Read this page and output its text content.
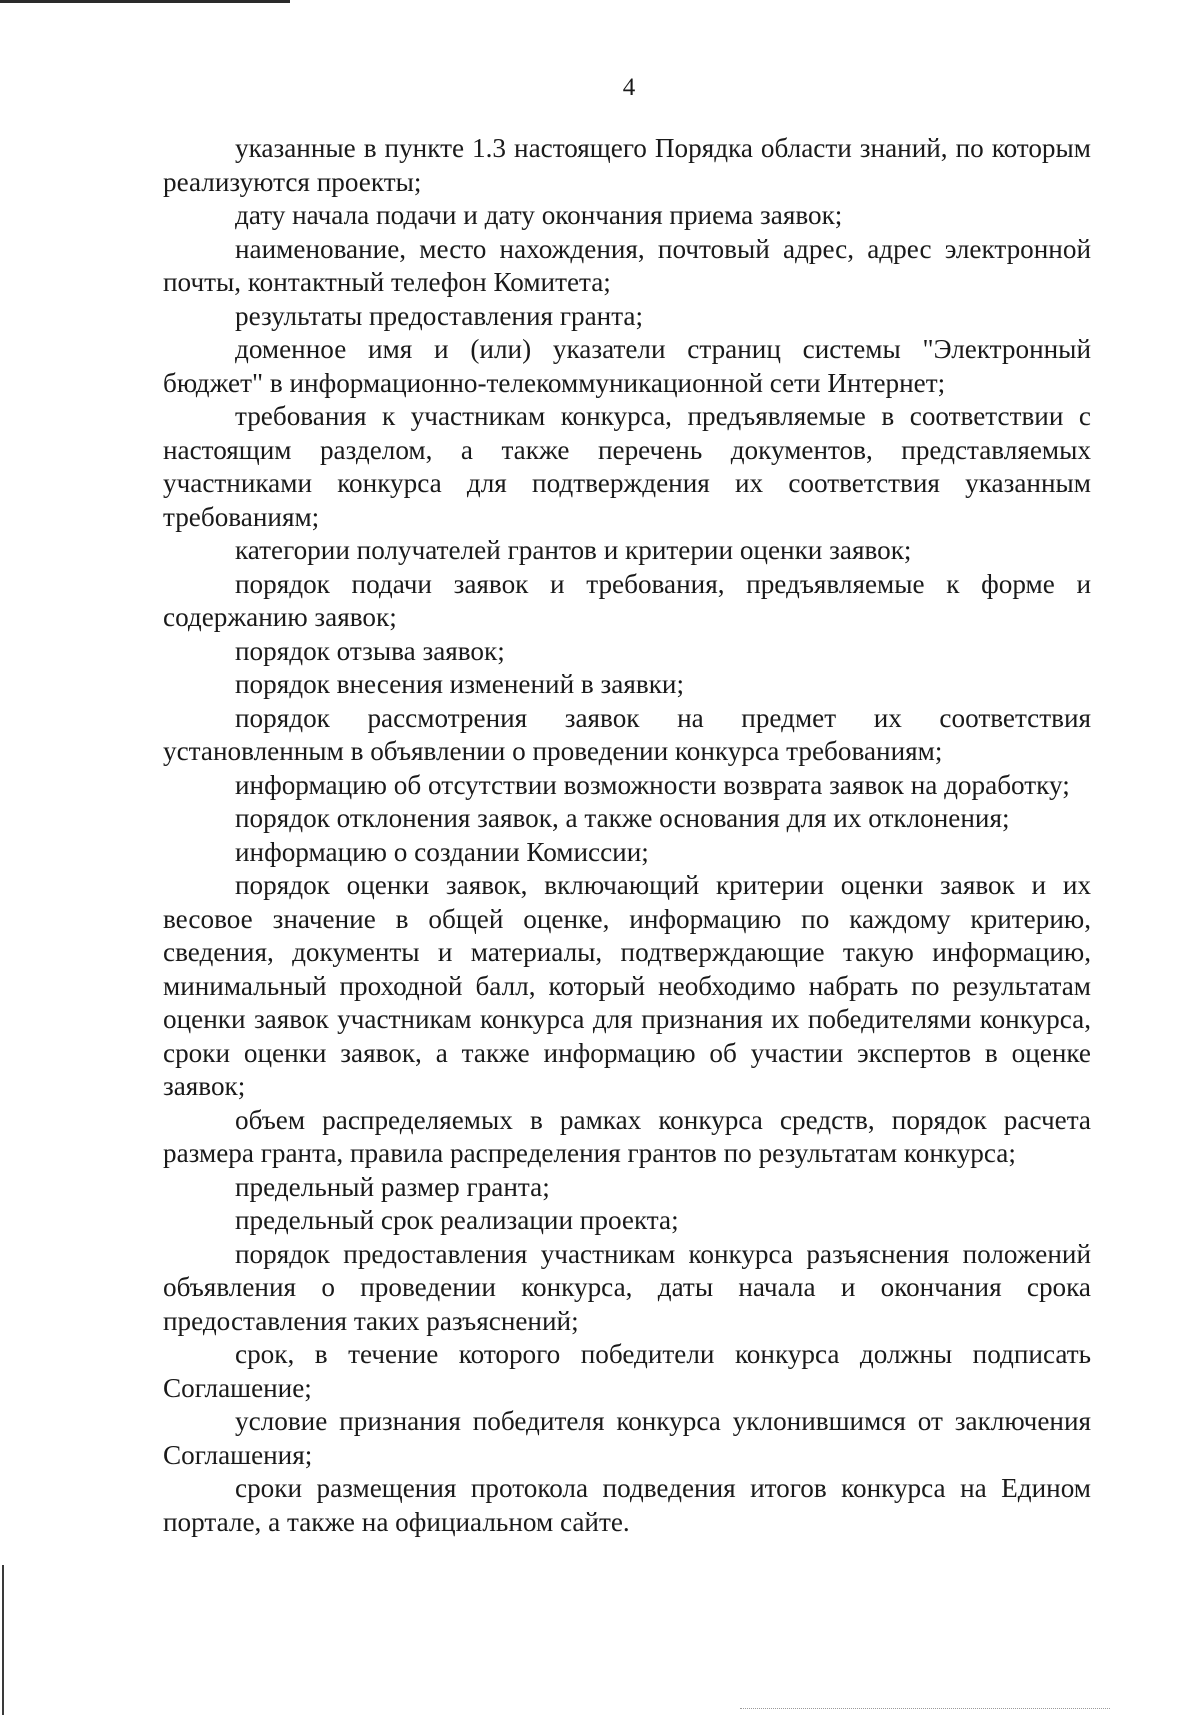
4

указанные в пункте 1.3 настоящего Порядка области знаний, по которым реализуются проекты;

дату начала подачи и дату окончания приема заявок;

наименование, место нахождения, почтовый адрес, адрес электронной почты, контактный телефон Комитета;

результаты предоставления гранта;

доменное имя и (или) указатели страниц системы "Электронный бюджет" в информационно-телекоммуникационной сети Интернет;

требования к участникам конкурса, предъявляемые в соответствии с настоящим разделом, а также перечень документов, представляемых участниками конкурса для подтверждения их соответствия указанным требованиям;

категории получателей грантов и критерии оценки заявок;

порядок подачи заявок и требования, предъявляемые к форме и содержанию заявок;

порядок отзыва заявок;

порядок внесения изменений в заявки;

порядок рассмотрения заявок на предмет их соответствия установленным в объявлении о проведении конкурса требованиям;

информацию об отсутствии возможности возврата заявок на доработку;

порядок отклонения заявок, а также основания для их отклонения;

информацию о создании Комиссии;

порядок оценки заявок, включающий критерии оценки заявок и их весовое значение в общей оценке, информацию по каждому критерию, сведения, документы и материалы, подтверждающие такую информацию, минимальный проходной балл, который необходимо набрать по результатам оценки заявок участникам конкурса для признания их победителями конкурса, сроки оценки заявок, а также информацию об участии экспертов в оценке заявок;

объем распределяемых в рамках конкурса средств, порядок расчета размера гранта, правила распределения грантов по результатам конкурса;

предельный размер гранта;

предельный срок реализации проекта;

порядок предоставления участникам конкурса разъяснения положений объявления о проведении конкурса, даты начала и окончания срока предоставления таких разъяснений;

срок, в течение которого победители конкурса должны подписать Соглашение;

условие признания победителя конкурса уклонившимся от заключения Соглашения;

сроки размещения протокола подведения итогов конкурса на Едином портале, а также на официальном сайте.
